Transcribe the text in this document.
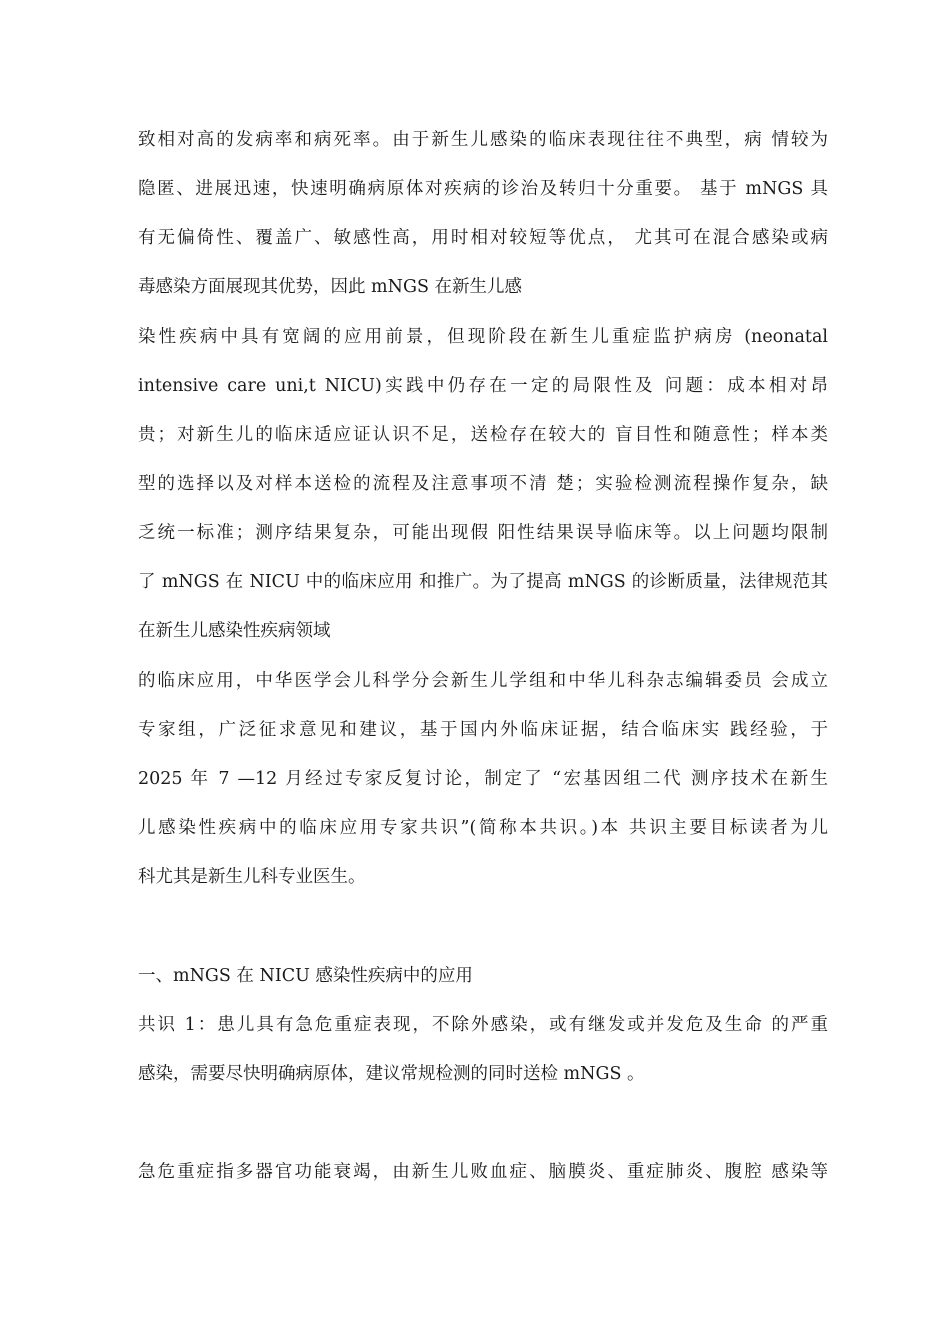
致相对高的发病率和病死率。由于新生儿感染的临床表现往往不典型，病 情较为
隐匿、进展迅速，快速明确病原体对疾病的诊治及转归十分重要。 基于 mNGS 具
有无偏倚性、覆盖广、敏感性高，用时相对较短等优点， 尤其可在混合感染或病
毒感染方面展现其优势，因此 mNGS 在新生儿感
染性疾病中具有宽阔的应用前景，但现阶段在新生儿重症监护病房 (neonatal
intensive care uni,t NICU)实践中仍存在一定的局限性及 问题：成本相对昂
贵；对新生儿的临床适应证认识不足，送检存在较大的 盲目性和随意性；样本类
型的选择以及对样本送检的流程及注意事项不清 楚；实验检测流程操作复杂，缺
乏统一标准；测序结果复杂，可能出现假 阳性结果误导临床等。以上问题均限制
了 mNGS 在 NICU 中的临床应用 和推广。为了提高 mNGS 的诊断质量，法律规范其
在新生儿感染性疾病领域
的临床应用，中华医学会儿科学分会新生儿学组和中华儿科杂志编辑委员 会成立
专家组，广泛征求意见和建议，基于国内外临床证据，结合临床实 践经验，于
2025 年 7 —12 月经过专家反复讨论，制定了 “宏基因组二代 测序技术在新生
儿感染性疾病中的临床应用专家共识”(简称本共识。)本 共识主要目标读者为儿
科尤其是新生儿科专业医生。
一、mNGS 在 NICU 感染性疾病中的应用
共识 1：患儿具有急危重症表现，不除外感染，或有继发或并发危及生命 的严重
感染，需要尽快明确病原体，建议常规检测的同时送检 mNGS 。
急危重症指多器官功能衰竭，由新生儿败血症、脑膜炎、重症肺炎、腹腔 感染等
